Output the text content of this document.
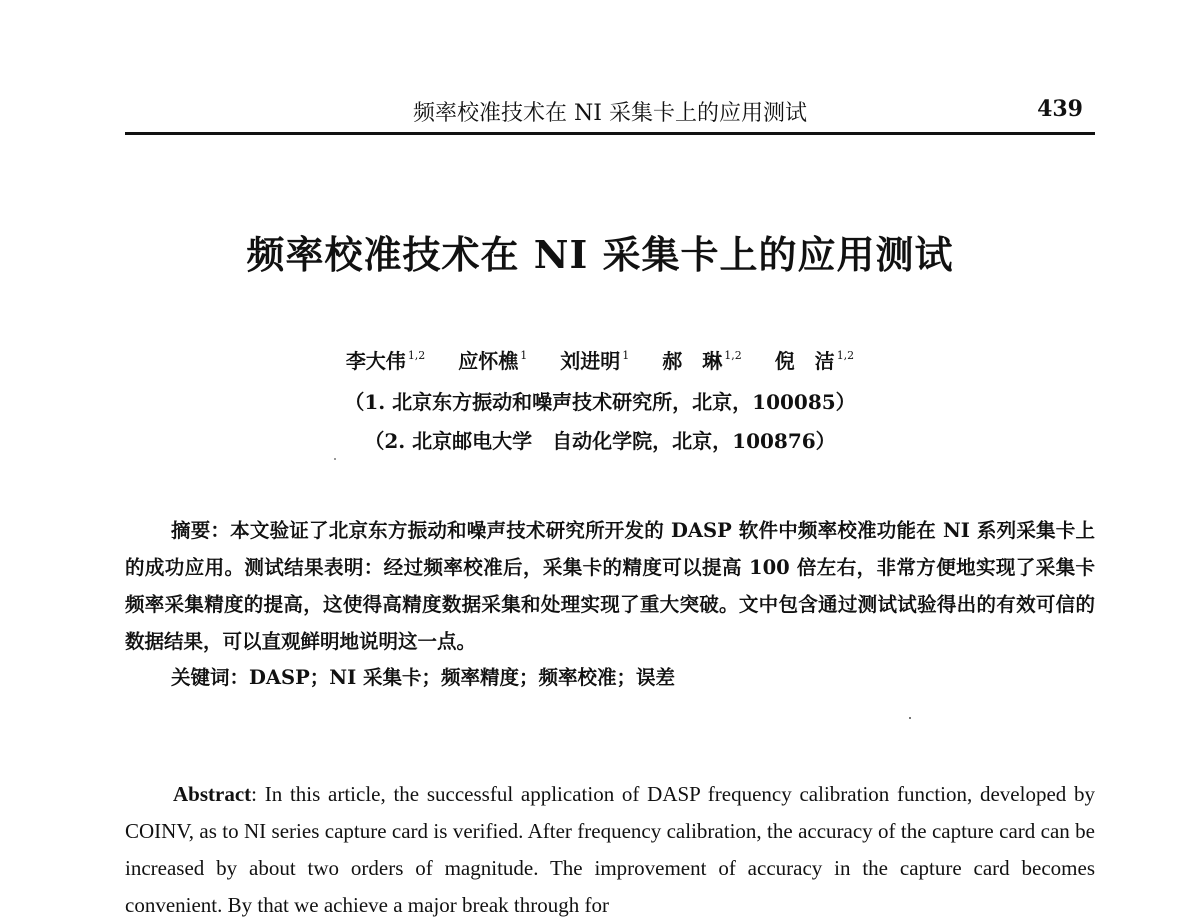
频率校准技术在 NI 采集卡上的应用测试	439
频率校准技术在 NI 采集卡上的应用测试
李大伟 $^{1,2}$ 应怀樵 $^1$ 刘进明 $^1$ 郝　琳 $^{1,2}$ 倪　洁 $^{1,2}$
（1. 北京东方振动和噪声技术研究所，北京，100085）
（2. 北京邮电大学　自动化学院，北京，100876）
摘要：本文验证了北京东方振动和噪声技术研究所开发的 DASP 软件中频率校准功能在 NI 系列采集卡上的成功应用。测试结果表明：经过频率校准后，采集卡的精度可以提高 100 倍左右，非常方便地实现了采集卡频率采集精度的提高，这使得高精度数据采集和处理实现了重大突破。文中包含通过测试试验得出的有效可信的数据结果，可以直观鲜明地说明这一点。
关键词：DASP；NI 采集卡；频率精度；频率校准；误差
Abstract: In this article, the successful application of DASP frequency calibration function, developed by COINV, as to NI series capture card is verified. After frequency calibration, the accuracy of the capture card can be increased by about two orders of magnitude. The improvement of accuracy in the capture card becomes convenient. By that we achieve a major break through for
